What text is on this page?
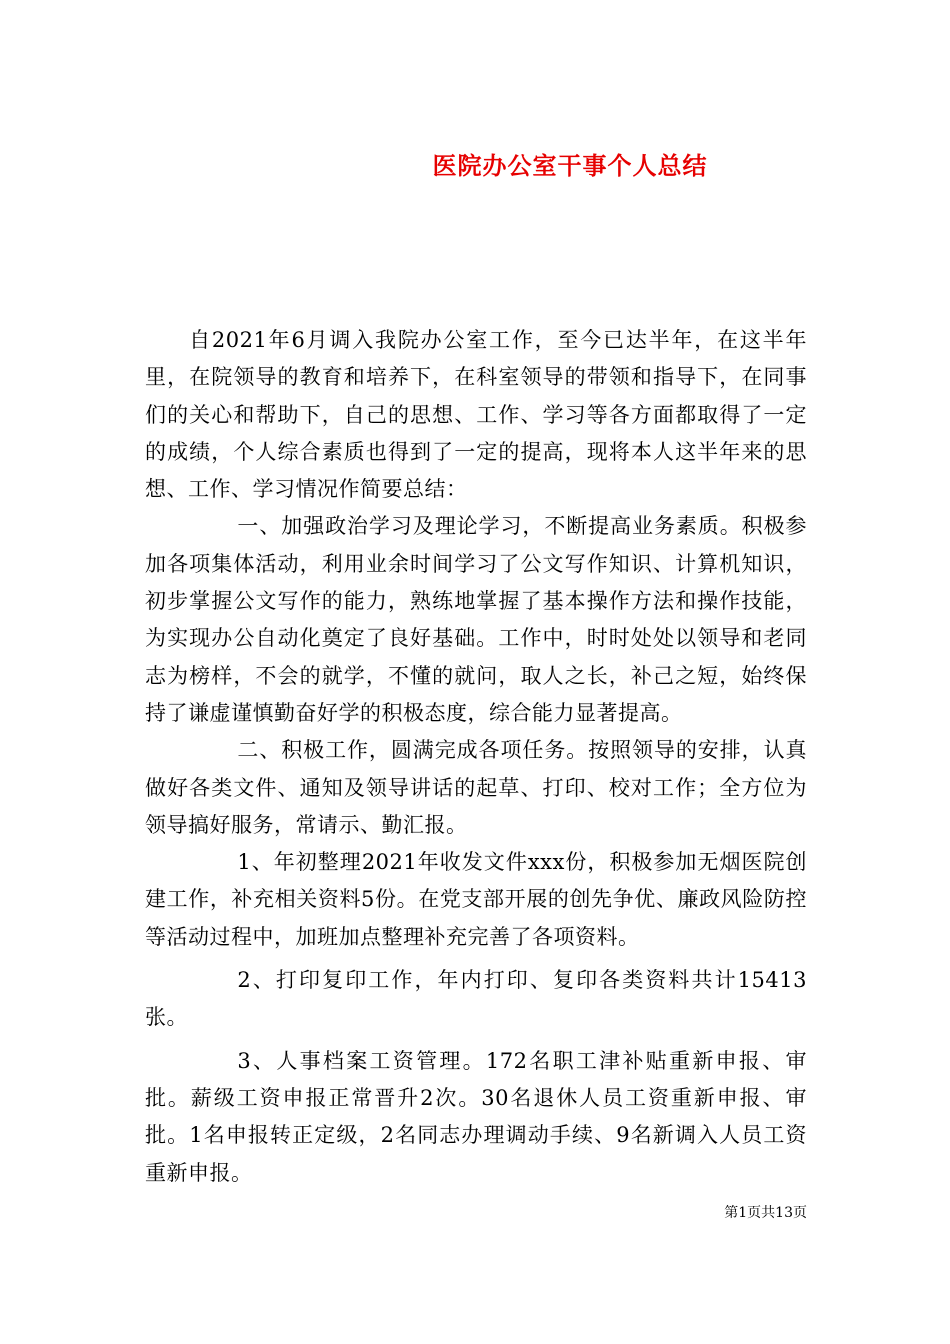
医院办公室干事个人总结

自2021年6月调入我院办公室工作，至今已达半年，在这半年里，在院领导的教育和培养下，在科室领导的带领和指导下，在同事们的关心和帮助下，自己的思想、工作、学习等各方面都取得了一定的成绩，个人综合素质也得到了一定的提高，现将本人这半年来的思想、工作、学习情况作简要总结：

一、加强政治学习及理论学习，不断提高业务素质。积极参加各项集体活动，利用业余时间学习了公文写作知识、计算机知识，初步掌握公文写作的能力，熟练地掌握了基本操作方法和操作技能，为实现办公自动化奠定了良好基础。工作中，时时处处以领导和老同志为榜样，不会的就学，不懂的就问，取人之长，补己之短，始终保持了谦虚谨慎勤奋好学的积极态度，综合能力显著提高。

二、积极工作，圆满完成各项任务。按照领导的安排，认真做好各类文件、通知及领导讲话的起草、打印、校对工作；全方位为领导搞好服务，常请示、勤汇报。

1、年初整理2021年收发文件xxx份，积极参加无烟医院创建工作，补充相关资料5份。在党支部开展的创先争优、廉政风险防控等活动过程中，加班加点整理补充完善了各项资料。

2、打印复印工作，年内打印、复印各类资料共计15413张。

3、人事档案工资管理。172名职工津补贴重新申报、审批。薪级工资申报正常晋升2次。30名退休人员工资重新申报、审批。1名申报转正定级，2名同志办理调动手续、9名新调入人员工资重新申报。

第1页共13页
